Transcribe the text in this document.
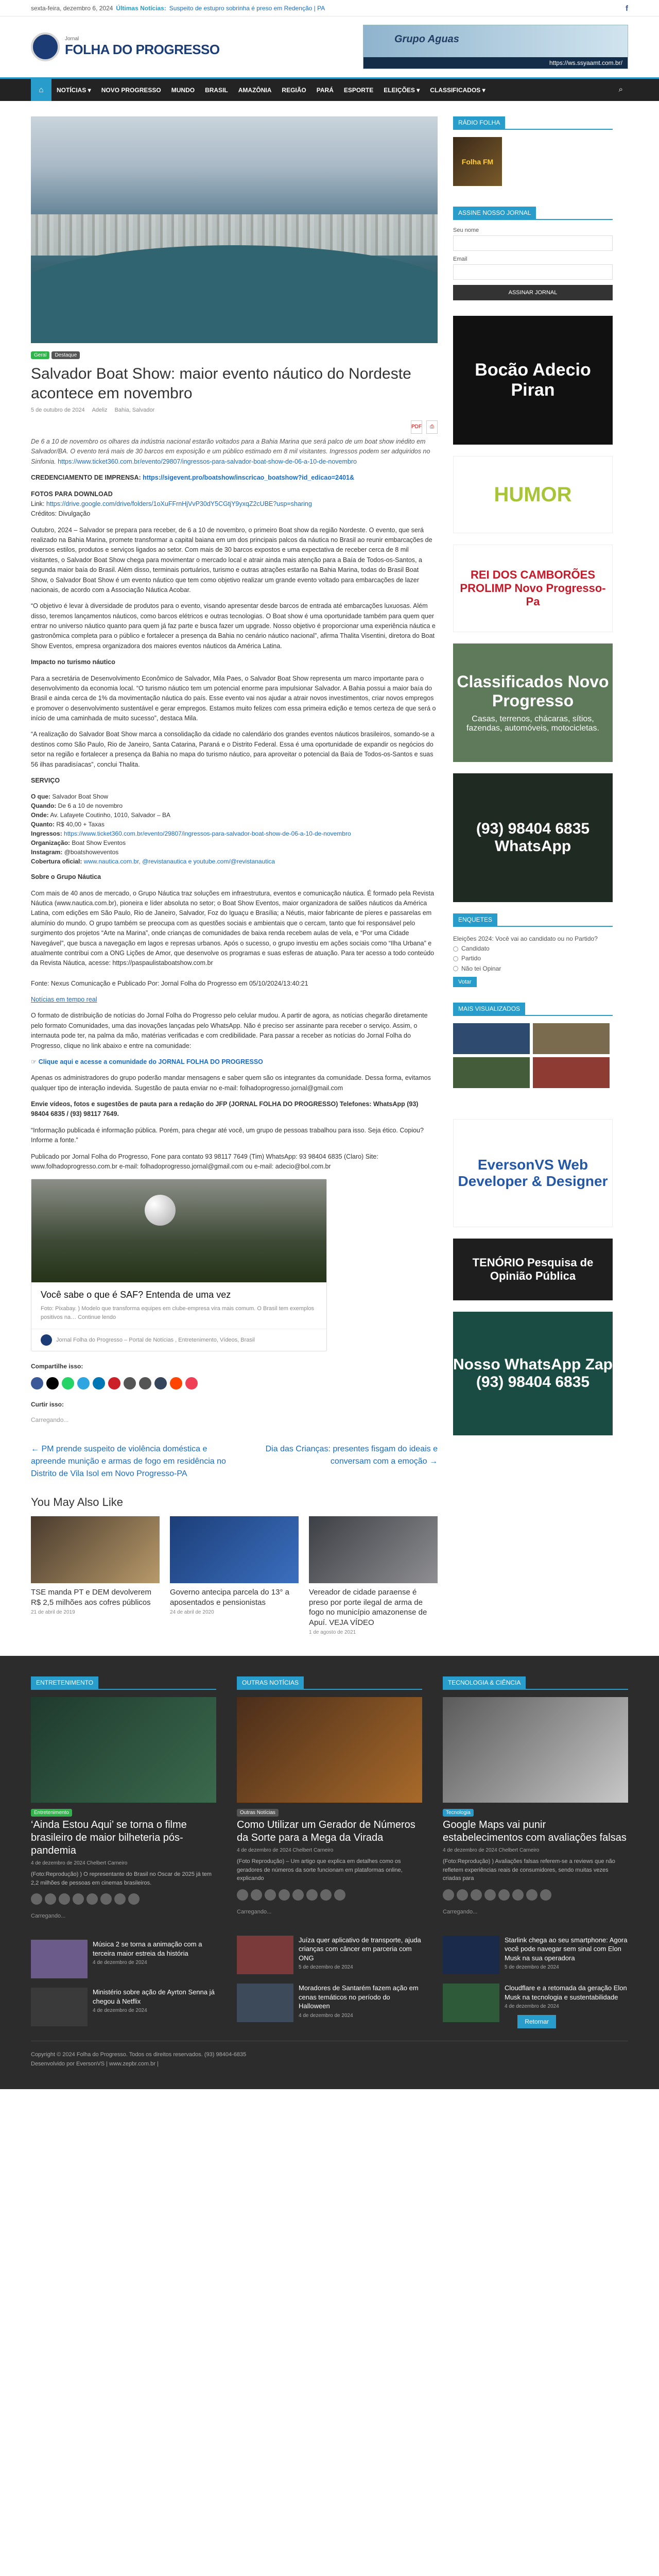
sexta-feira, dezembro 6, 2024 Últimas Notícias: Suspeito de estupro sobrinha é preso em Redenção | PA	f
Jornal
FOLHA DO PROGRESSO
Grupo Aguas
https://ws.ssyaamt.com.br/
⌂	NOTÍCIAS ▾	NOVO PROGRESSO	MUNDO	BRASIL	AMAZÔNIA	REGIÃO	PARÁ	ESPORTE	ELEIÇÕES ▾	CLASSIFICADOS ▾	⌕
Geral	Destaque
Salvador Boat Show: maior evento náutico do Nordeste acontece em novembro
5 de outubro de 2024 Adeliz Bahia, Salvador
PDF	⎙

De 6 a 10 de novembro os olhares da indústria nacional estarão voltados para a Bahia Marina que será palco de um boat show inédito em Salvador/BA. O evento terá mais de 30 barcos em exposição e um público estimado em 8 mil visitantes. Ingressos podem ser adquiridos no Sinfonia. https://www.ticket360.com.br/evento/29807/ingressos-para-salvador-boat-show-de-06-a-10-de-novembro

CREDENCIAMENTO DE IMPRENSA: https://sigevent.pro/boatshow/inscricao_boatshow?id_edicao=2401&

FOTOS PARA DOWNLOAD
Link: https://drive.google.com/drive/folders/1oXuFFrnHjVvP30dY5CGtjY9yxqZ2cUBE?usp=sharing
Créditos: Divulgação

Outubro, 2024 – Salvador se prepara para receber, de 6 a 10 de novembro, o primeiro Boat show da região Nordeste. O evento, que será realizado na Bahia Marina, promete transformar a capital baiana em um dos principais palcos da náutica no Brasil ao reunir embarcações de diversos estilos, produtos e serviços ligados ao setor. Com mais de 30 barcos expostos e uma expectativa de receber cerca de 8 mil visitantes, o Salvador Boat Show chega para movimentar o mercado local e atrair ainda mais atenção para a Baía de Todos-os-Santos, a segunda maior baía do Brasil. Além disso, terminais portuários, turismo e outras atrações estarão na Bahia Marina, todas do Brasil Boat Show, o Salvador Boat Show é um evento náutico que tem como objetivo realizar um grande evento voltado para embarcações de lazer nacionais, de acordo com a Associação Náutica Acobar.

“O objetivo é levar à diversidade de produtos para o evento, visando apresentar desde barcos de entrada até embarcações luxuosas. Além disso, teremos lançamentos náuticos, como barcos elétricos e outras tecnologias. O Boat show é uma oportunidade também para quem quer entrar no universo náutico quanto para quem já faz parte e busca fazer um upgrade. Nosso objetivo é proporcionar uma experiência náutica e gastronômica completa para o público e fortalecer a presença da Bahia no cenário náutico nacional”, afirma Thalita Visentini, diretora do Boat Show Eventos, empresa organizadora dos maiores eventos náuticos da América Latina.

Impacto no turismo náutico

Para a secretária de Desenvolvimento Econômico de Salvador, Mila Paes, o Salvador Boat Show representa um marco importante para o desenvolvimento da economia local. “O turismo náutico tem um potencial enorme para impulsionar Salvador. A Bahia possui a maior baía do Brasil e ainda cerca de 1% da movimentação náutica do país. Esse evento vai nos ajudar a atrair novos investimentos, criar novos empregos e promover o desenvolvimento sustentável e gerar empregos. Estamos muito felizes com essa primeira edição e temos certeza de que será o início de uma caminhada de muito sucesso”, destaca Mila.

“A realização do Salvador Boat Show marca a consolidação da cidade no calendário dos grandes eventos náuticos brasileiros, somando-se a destinos como São Paulo, Rio de Janeiro, Santa Catarina, Paraná e o Distrito Federal. Essa é uma oportunidade de expandir os negócios do setor na região e fortalecer a presença da Bahia no mapa do turismo náutico, para aproveitar o potencial da Baía de Todos-os-Santos e suas 56 ilhas paradisíacas”, conclui Thalita.

SERVIÇO

O que: Salvador Boat Show
Quando: De 6 a 10 de novembro
Onde: Av. Lafayete Coutinho, 1010, Salvador – BA
Quanto: R$ 40,00 + Taxas
Ingressos: https://www.ticket360.com.br/evento/29807/ingressos-para-salvador-boat-show-de-06-a-10-de-novembro
Organização: Boat Show Eventos
Instagram: @boatshoweventos
Cobertura oficial: www.nautica.com.br, @revistanautica e youtube.com/@revistanautica

Sobre o Grupo Náutica

Com mais de 40 anos de mercado, o Grupo Náutica traz soluções em infraestrutura, eventos e comunicação náutica. É formado pela Revista Náutica (www.nautica.com.br), pioneira e líder absoluta no setor; o Boat Show Eventos, maior organizadora de salões náuticos da América Latina, com edições em São Paulo, Rio de Janeiro, Salvador, Foz do Iguaçu e Brasília; a Néutis, maior fabricante de píeres e passarelas em alumínio do mundo. O grupo também se preocupa com as questões sociais e ambientais que o cercam, tanto que foi responsável pelo surgimento dos projetos “Arte na Marina”, onde crianças de comunidades de baixa renda recebem aulas de vela, e “Por uma Cidade Navegável”, que busca a navegação em lagos e represas urbanos. Após o sucesso, o grupo investiu em ações sociais como “Ilha Urbana” e atualmente contribui com a ONG Lições de Amor, que desenvolve os programas e suas esferas de atuação. Para ter acesso a todo conteúdo da Revista Náutica, acesse: https://paspaulistaboatshow.com.br

Fonte: Nexus Comunicação e Publicado Por: Jornal Folha do Progresso em 05/10/2024/13:40:21

Notícias em tempo real

O formato de distribuição de notícias do Jornal Folha do Progresso pelo celular mudou. A partir de agora, as notícias chegarão diretamente pelo formato Comunidades, uma das inovações lançadas pelo WhatsApp. Não é preciso ser assinante para receber o serviço. Assim, o internauta pode ter, na palma da mão, matérias verificadas e com credibilidade. Para passar a receber as notícias do Jornal Folha do Progresso, clique no link abaixo e entre na comunidade:

☞ Clique aqui e acesse a comunidade do JORNAL FOLHA DO PROGRESSO

Apenas os administradores do grupo poderão mandar mensagens e saber quem são os integrantes da comunidade. Dessa forma, evitamos qualquer tipo de interação indevida. Sugestão de pauta enviar no e-mail: folhadoprogresso.jornal@gmail.com

Envie vídeos, fotos e sugestões de pauta para a redação do JFP (JORNAL FOLHA DO PROGRESSO) Telefones: WhatsApp (93) 98404 6835 / (93) 98117 7649.

“Informação publicada é informação pública. Porém, para chegar até você, um grupo de pessoas trabalhou para isso. Seja ético. Copiou? Informe a fonte.”

Publicado por Jornal Folha do Progresso, Fone para contato 93 98117 7649 (Tim) WhatsApp: 93 98404 6835 (Claro) Site: www.folhadoprogresso.com.br e-mail: folhadoprogresso.jornal@gmail.com ou e-mail: adecio@bol.com.br

Você sabe o que é SAF? Entenda de uma vez

Foto: Pixabay. ) Modelo que transforma equipes em clube-empresa vira mais comum. O Brasil tem exemplos positivos na… Continue lendo

Jornal Folha do Progresso – Portal de Notícias , Entretenimento, Vídeos, Brasil

Compartilhe isso:

Curtir isso:

Carregando...

← PM prende suspeito de violência doméstica e apreende munição e armas de fogo em residência no Distrito de Vila Isol em Novo Progresso-PA
Dia das Crianças: presentes fisgam do ideais e conversam com a emoção →
You May Also Like
TSE manda PT e DEM devolverem R$ 2,5 milhões aos cofres públicos
21 de abril de 2019
Governo antecipa parcela do 13° a aposentados e pensionistas
24 de abril de 2020
Vereador de cidade paraense é preso por porte ilegal de arma de fogo no município amazonense de Apuí. VEJA VÍDEO
1 de agosto de 2021
RÁDIO FOLHA
Folha FM
ASSINE NOSSO JORNAL
Seu nome
Email
ASSINAR JORNAL
Bocão Adecio Piran
HUMOR
REI DOS CAMBORÕES PROLIMP Novo Progresso-Pa
Classificados Novo Progresso
Casas, terrenos, chácaras, sítios, fazendas, automóveis, motocicletas.
(93) 98404 6835 WhatsApp
ENQUETES
Eleições 2024: Você vai ao candidato ou no Partido?
Candidato
Partido
Não tei Opinar
Votar
MAIS VISUALIZADOS
EversonVS Web Developer & Designer
TENÓRIO Pesquisa de Opinião Pública
Nosso WhatsApp Zap (93) 98404 6835
ENTRETENIMENTO
Entretenimento
‘Ainda Estou Aqui’ se torna o filme brasileiro de maior bilheteria pós-pandemia
4 de dezembro de 2024 Chelbert Carneiro
(Foto:Reprodução) ) O representante do Brasil no Oscar de 2025 já tem 2,2 milhões de pessoas em cinemas brasileiros.
Carregando...
Música 2 se torna a animação com a terceira maior estreia da história
4 de dezembro de 2024
Ministério sobre ação de Ayrton Senna já chegou à Netflix
4 de dezembro de 2024
OUTRAS NOTÍCIAS
Outras Notícias
Como Utilizar um Gerador de Números da Sorte para a Mega da Virada
4 de dezembro de 2024 Chelbert Carneiro
(Foto Reprodução) – Um artigo que explica em detalhes como os geradores de números da sorte funcionam em plataformas online, explicando
Carregando...
Juíza quer aplicativo de transporte, ajuda crianças com câncer em parceria com ONG
5 de dezembro de 2024
Moradores de Santarém fazem ação em cenas temáticos no período do Halloween
4 de dezembro de 2024
TECNOLOGIA & CIÊNCIA
Tecnologia
Google Maps vai punir estabelecimentos com avaliações falsas
4 de dezembro de 2024 Chelbert Carneiro
(Foto:Reprodução) ) Avaliações falsas referem-se a reviews que não refletem experiências reais de consumidores, sendo muitas vezes criadas para
Carregando...
Starlink chega ao seu smartphone: Agora você pode navegar sem sinal com Elon Musk na sua operadora
5 de dezembro de 2024
Cloudflare e a retomada da geração Elon Musk na tecnologia e sustentabilidade
4 de dezembro de 2024
Retornar
Copyright © 2024 Folha do Progresso. Todos os direitos reservados. (93) 98404-6835
Desenvolvido por EversonVS | www.zepbr.com.br |
